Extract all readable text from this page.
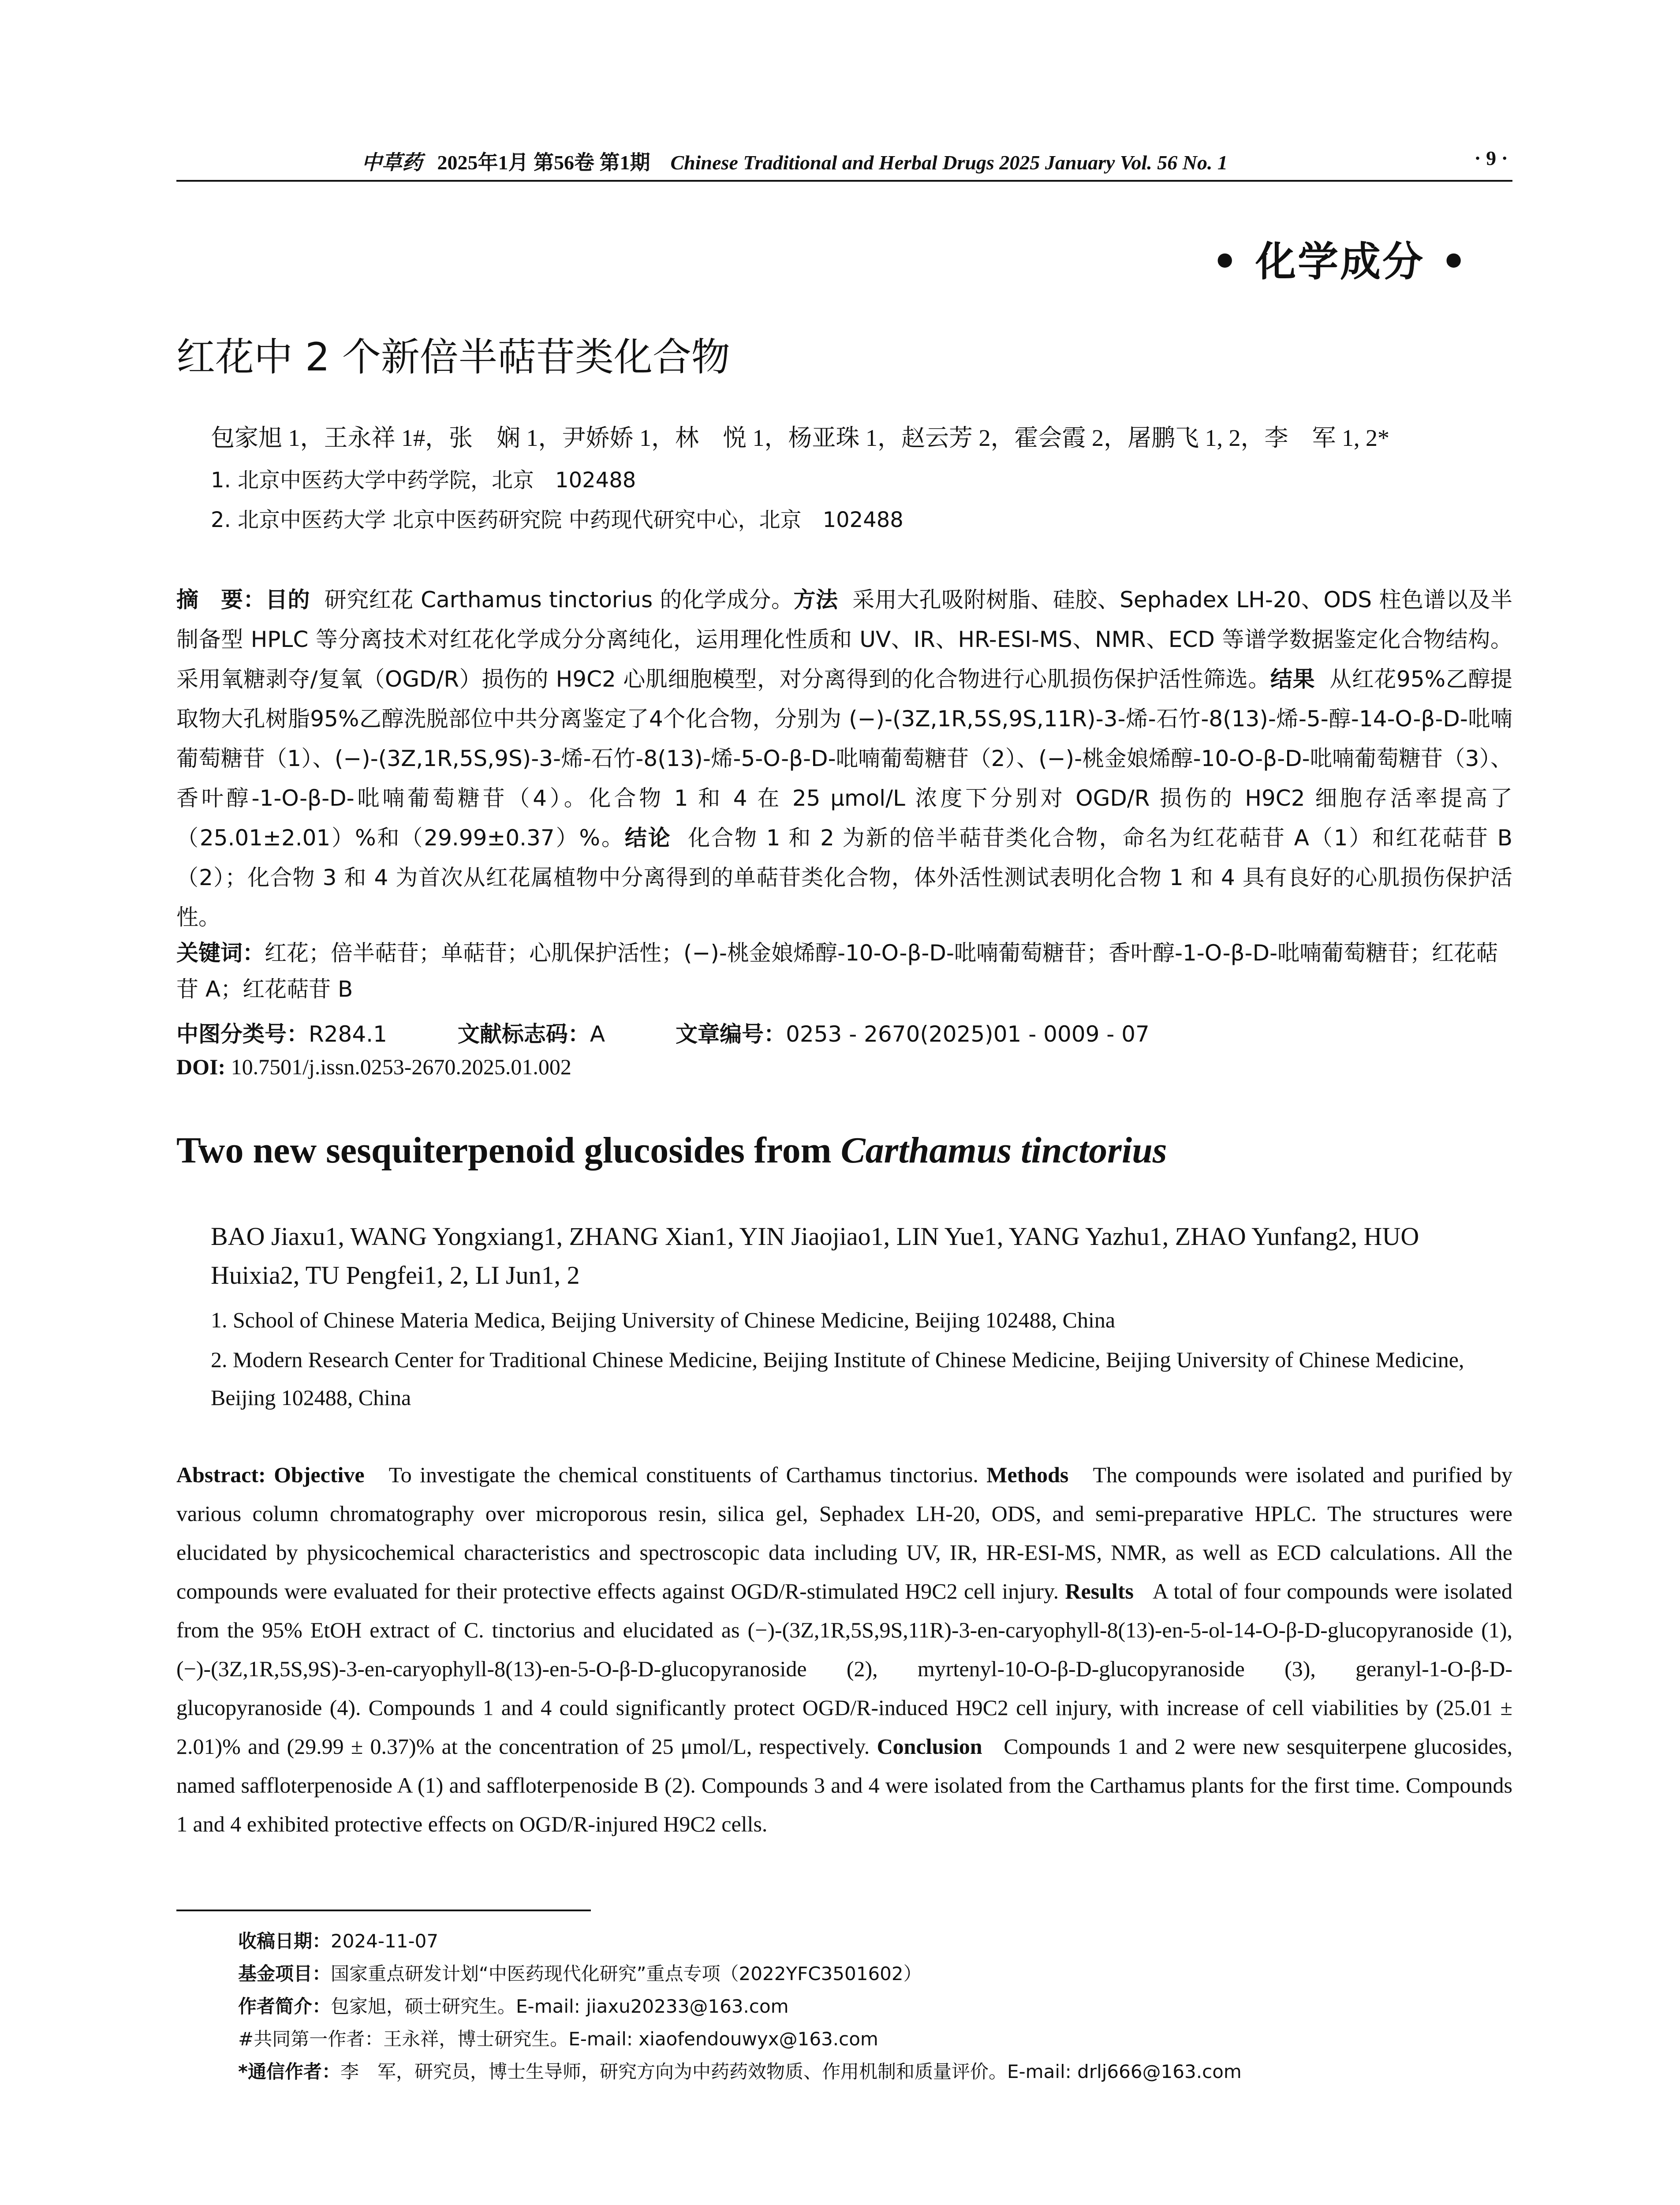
中草药 2025年1月 第56卷 第1期 Chinese Traditional and Herbal Drugs 2025 January Vol. 56 No. 1	· 9 ·
• 化学成分 •
红花中 2 个新倍半萜苷类化合物
包家旭 1，王永祥 1#，张　娴 1，尹娇娇 1，林　悦 1，杨亚珠 1，赵云芳 2，霍会霞 2，屠鹏飞 1, 2，李　军 1, 2*
1. 北京中医药大学中药学院，北京　102488
2. 北京中医药大学 北京中医药研究院 中药现代研究中心，北京　102488
摘　要：目的 研究红花 Carthamus tinctorius 的化学成分。方法 采用大孔吸附树脂、硅胶、Sephadex LH-20、ODS 柱色谱以及半制备型 HPLC 等分离技术对红花化学成分分离纯化，运用理化性质和 UV、IR、HR-ESI-MS、NMR、ECD 等谱学数据鉴定化合物结构。采用氧糖剥夺/复氧（OGD/R）损伤的 H9C2 心肌细胞模型，对分离得到的化合物进行心肌损伤保护活性筛选。结果 从红花95%乙醇提取物大孔树脂95%乙醇洗脱部位中共分离鉴定了4个化合物，分别为 (−)-(3Z,1R,5S,9S,11R)-3-烯-石竹-8(13)-烯-5-醇-14-O-β-D-吡喃葡萄糖苷（1）、(−)-(3Z,1R,5S,9S)-3-烯-石竹-8(13)-烯-5-O-β-D-吡喃葡萄糖苷（2）、(−)-桃金娘烯醇-10-O-β-D-吡喃葡萄糖苷（3）、香叶醇-1-O-β-D-吡喃葡萄糖苷（4）。化合物 1 和 4 在 25 μmol/L 浓度下分别对 OGD/R 损伤的 H9C2 细胞存活率提高了（25.01±2.01）%和（29.99±0.37）%。结论 化合物 1 和 2 为新的倍半萜苷类化合物，命名为红花萜苷 A（1）和红花萜苷 B（2）；化合物 3 和 4 为首次从红花属植物中分离得到的单萜苷类化合物，体外活性测试表明化合物 1 和 4 具有良好的心肌损伤保护活性。
关键词：红花；倍半萜苷；单萜苷；心肌保护活性；(−)-桃金娘烯醇-10-O-β-D-吡喃葡萄糖苷；香叶醇-1-O-β-D-吡喃葡萄糖苷；红花萜苷 A；红花萜苷 B
中图分类号：R284.1	文献标志码：A	文章编号：0253 - 2670(2025)01 - 0009 - 07
DOI: 10.7501/j.issn.0253-2670.2025.01.002
Two new sesquiterpenoid glucosides from Carthamus tinctorius
BAO Jiaxu1, WANG Yongxiang1, ZHANG Xian1, YIN Jiaojiao1, LIN Yue1, YANG Yazhu1, ZHAO Yunfang2, HUO Huixia2, TU Pengfei1, 2, LI Jun1, 2
1. School of Chinese Materia Medica, Beijing University of Chinese Medicine, Beijing 102488, China
2. Modern Research Center for Traditional Chinese Medicine, Beijing Institute of Chinese Medicine, Beijing University of Chinese Medicine, Beijing 102488, China
Abstract: Objective To investigate the chemical constituents of Carthamus tinctorius. Methods The compounds were isolated and purified by various column chromatography over microporous resin, silica gel, Sephadex LH-20, ODS, and semi-preparative HPLC. The structures were elucidated by physicochemical characteristics and spectroscopic data including UV, IR, HR-ESI-MS, NMR, as well as ECD calculations. All the compounds were evaluated for their protective effects against OGD/R-stimulated H9C2 cell injury. Results A total of four compounds were isolated from the 95% EtOH extract of C. tinctorius and elucidated as (−)-(3Z,1R,5S,9S,11R)-3-en-caryophyll-8(13)-en-5-ol-14-O-β-D-glucopyranoside (1), (−)-(3Z,1R,5S,9S)-3-en-caryophyll-8(13)-en-5-O-β-D-glucopyranoside (2), myrtenyl-10-O-β-D-glucopyranoside (3), geranyl-1-O-β-D-glucopyranoside (4). Compounds 1 and 4 could significantly protect OGD/R-induced H9C2 cell injury, with increase of cell viabilities by (25.01 ± 2.01)% and (29.99 ± 0.37)% at the concentration of 25 μmol/L, respectively. Conclusion Compounds 1 and 2 were new sesquiterpene glucosides, named saffloterpenoside A (1) and saffloterpenoside B (2). Compounds 3 and 4 were isolated from the Carthamus plants for the first time. Compounds 1 and 4 exhibited protective effects on OGD/R-injured H9C2 cells.
收稿日期：2024-11-07
基金项目：国家重点研发计划“中医药现代化研究”重点专项（2022YFC3501602）
作者简介：包家旭，硕士研究生。E-mail: jiaxu20233@163.com
#共同第一作者：王永祥，博士研究生。E-mail: xiaofendouwyx@163.com
*通信作者：李　军，研究员，博士生导师，研究方向为中药药效物质、作用机制和质量评价。E-mail: drlj666@163.com
